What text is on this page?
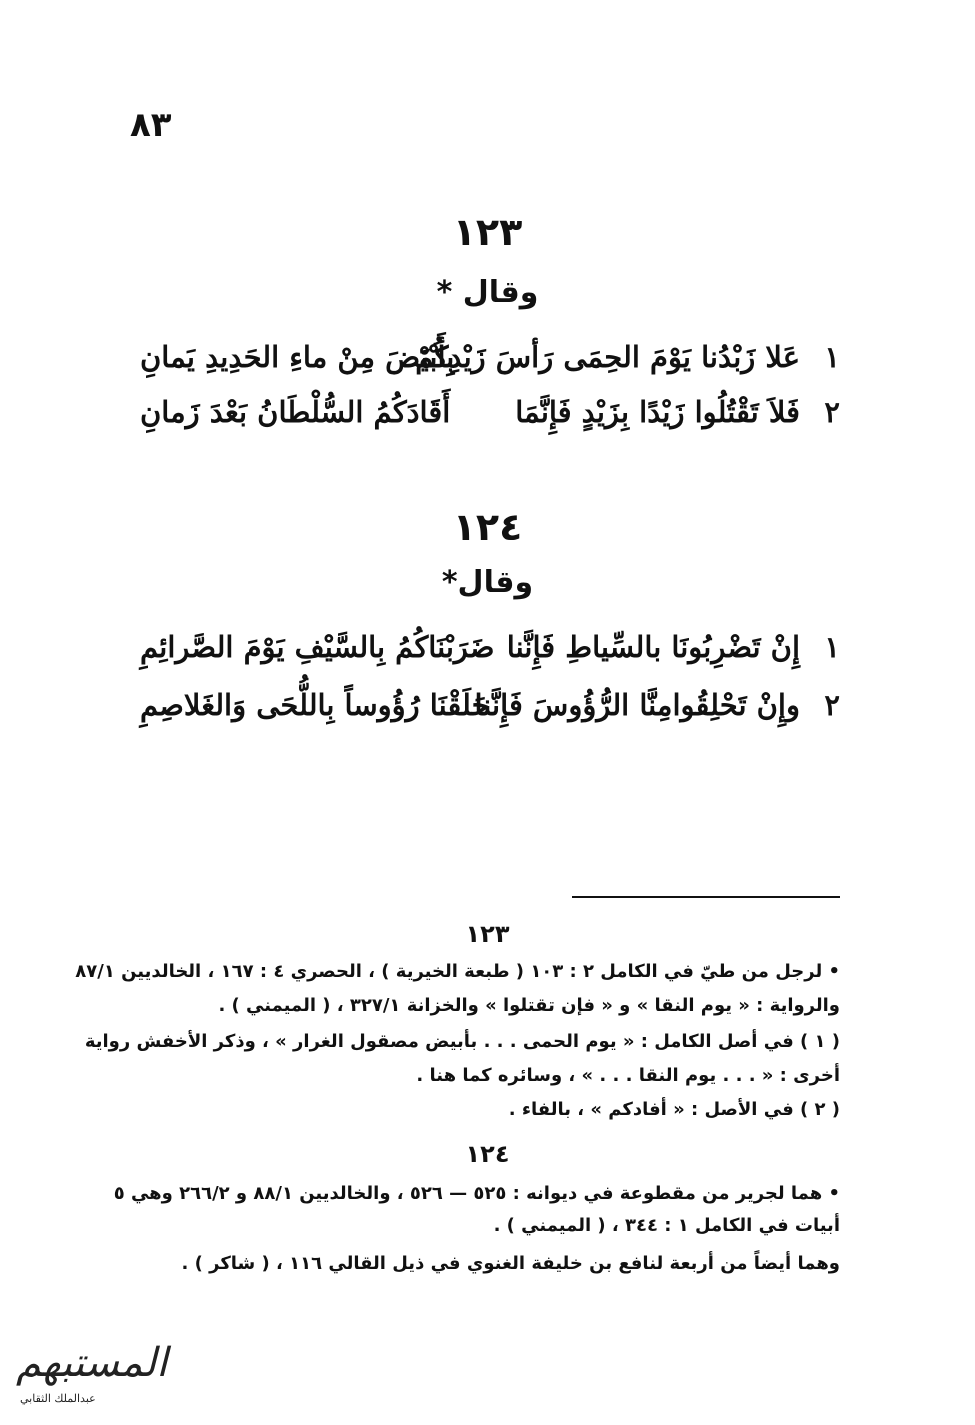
٨٣
١٢٣
وقال *
١
عَلا زَبْدُنا يَوْمَ الحِمَى رَأسَ زَيْدِكُمْ
بِأَبْيَضَ مِنْ ماءِ الحَدِيدِ يَمانِ
٢
فَلاَ تَقْتُلُوا زَيْدًا بِزَيْدٍ فَإِنَّمَا
أَقَادَكُمُ السُّلْطَانُ بَعْدَ زَمانِ
١٢٤
وقال*
١
إِنْ تَضْرِبُونَا بالسِّياطِ فَإِنَّنا
ضَرَبْنَاكُمُ بِالسَّيْفِ يَوْمَ الصَّرائِمِ
٢
وإِنْ تَحْلِقُوامِنَّا الرُّؤُوسَ فَإِنَّنا
حَلَقْنَا رُؤُوساً بِاللُّحَى وَالغَلاصِمِ
١٢٣
• لرجل من طيّ في الكامل ٢ : ١٠٣ ( طبعة الخيرية ) ، الحصري ٤ : ١٦٧ ، الخالديين ٨٧/١
والرواية : « يوم النقا » و « فإن تقتلوا » والخزانة ٣٢٧/١ ، ( الميمني ) .
( ١ ) في أصل الكامل : « يوم الحمى . . . بأبيض مصقول الغرار » ، وذكر الأخفش رواية
أخرى : « . . . يوم النقا . . . » ، وسائره كما هنا .
( ٢ ) في الأصل : « أفادكم » ، بالفاء .
١٢٤
• هما لجرير من مقطوعة في ديوانه : ٥٢٥ — ٥٢٦ ، والخالديين ٨٨/١ و ٢٦٦/٢ وهي ٥
أبيات في الكامل ١ : ٣٤٤ ، ( الميمني ) .
وهما أيضاً من أربعة لنافع بن خليفة الغنوي في ذيل القالي ١١٦ ، ( شاكر ) .
المستبهم
عبدالملك الثقابي
